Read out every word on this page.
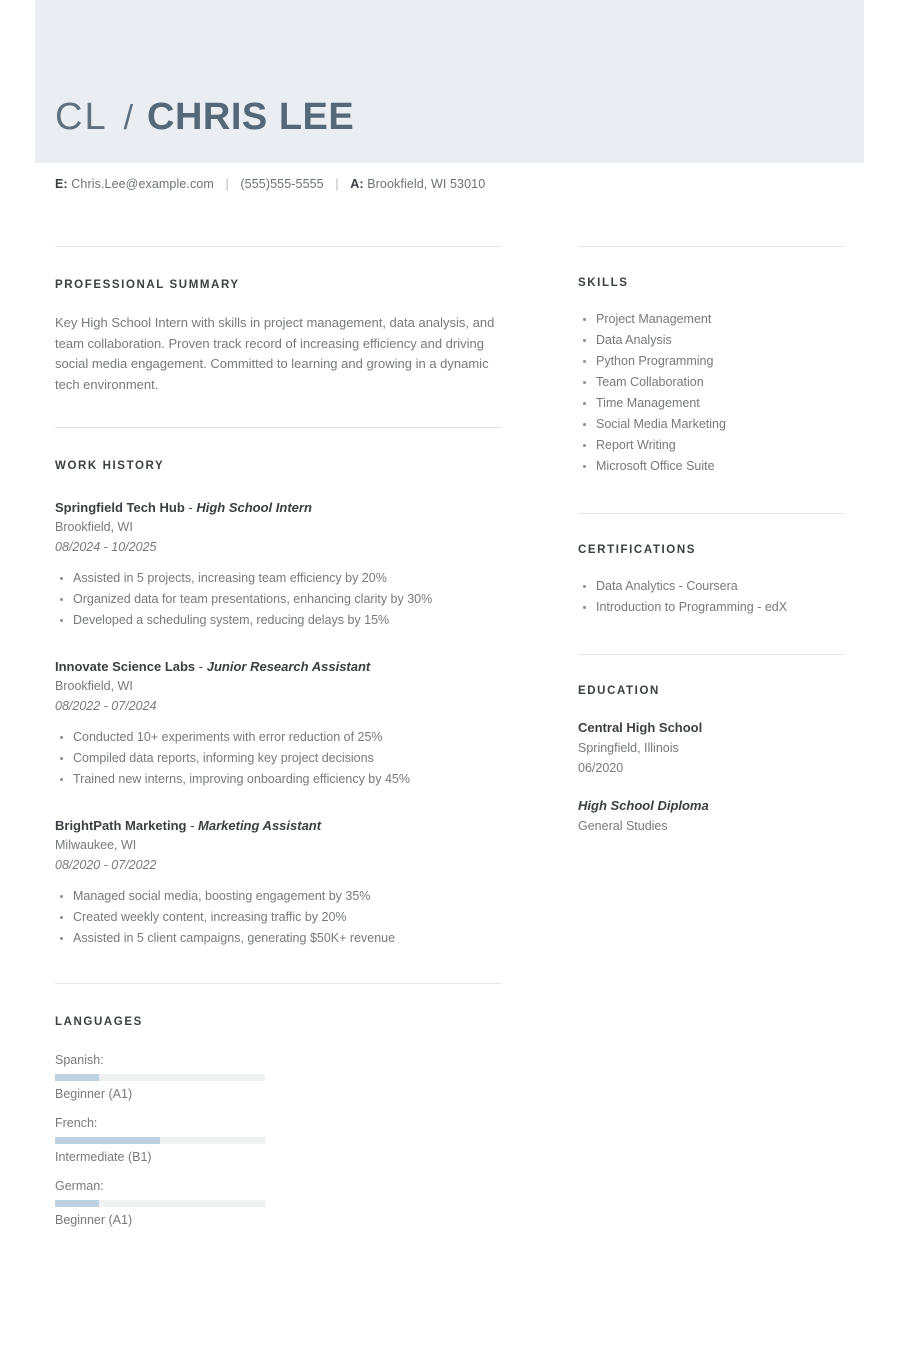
CL / CHRIS LEE
E: Chris.Lee@example.com | (555)555-5555 | A: Brookfield, WI 53010
PROFESSIONAL SUMMARY
Key High School Intern with skills in project management, data analysis, and team collaboration. Proven track record of increasing efficiency and driving social media engagement. Committed to learning and growing in a dynamic tech environment.
WORK HISTORY
Springfield Tech Hub - High School Intern
Brookfield, WI
08/2024 - 10/2025
Assisted in 5 projects, increasing team efficiency by 20%
Organized data for team presentations, enhancing clarity by 30%
Developed a scheduling system, reducing delays by 15%
Innovate Science Labs - Junior Research Assistant
Brookfield, WI
08/2022 - 07/2024
Conducted 10+ experiments with error reduction of 25%
Compiled data reports, informing key project decisions
Trained new interns, improving onboarding efficiency by 45%
BrightPath Marketing - Marketing Assistant
Milwaukee, WI
08/2020 - 07/2022
Managed social media, boosting engagement by 35%
Created weekly content, increasing traffic by 20%
Assisted in 5 client campaigns, generating $50K+ revenue
LANGUAGES
Spanish:
Beginner (A1)
French:
Intermediate (B1)
German:
Beginner (A1)
SKILLS
Project Management
Data Analysis
Python Programming
Team Collaboration
Time Management
Social Media Marketing
Report Writing
Microsoft Office Suite
CERTIFICATIONS
Data Analytics - Coursera
Introduction to Programming - edX
EDUCATION
Central High School
Springfield, Illinois
06/2020
High School Diploma
General Studies
